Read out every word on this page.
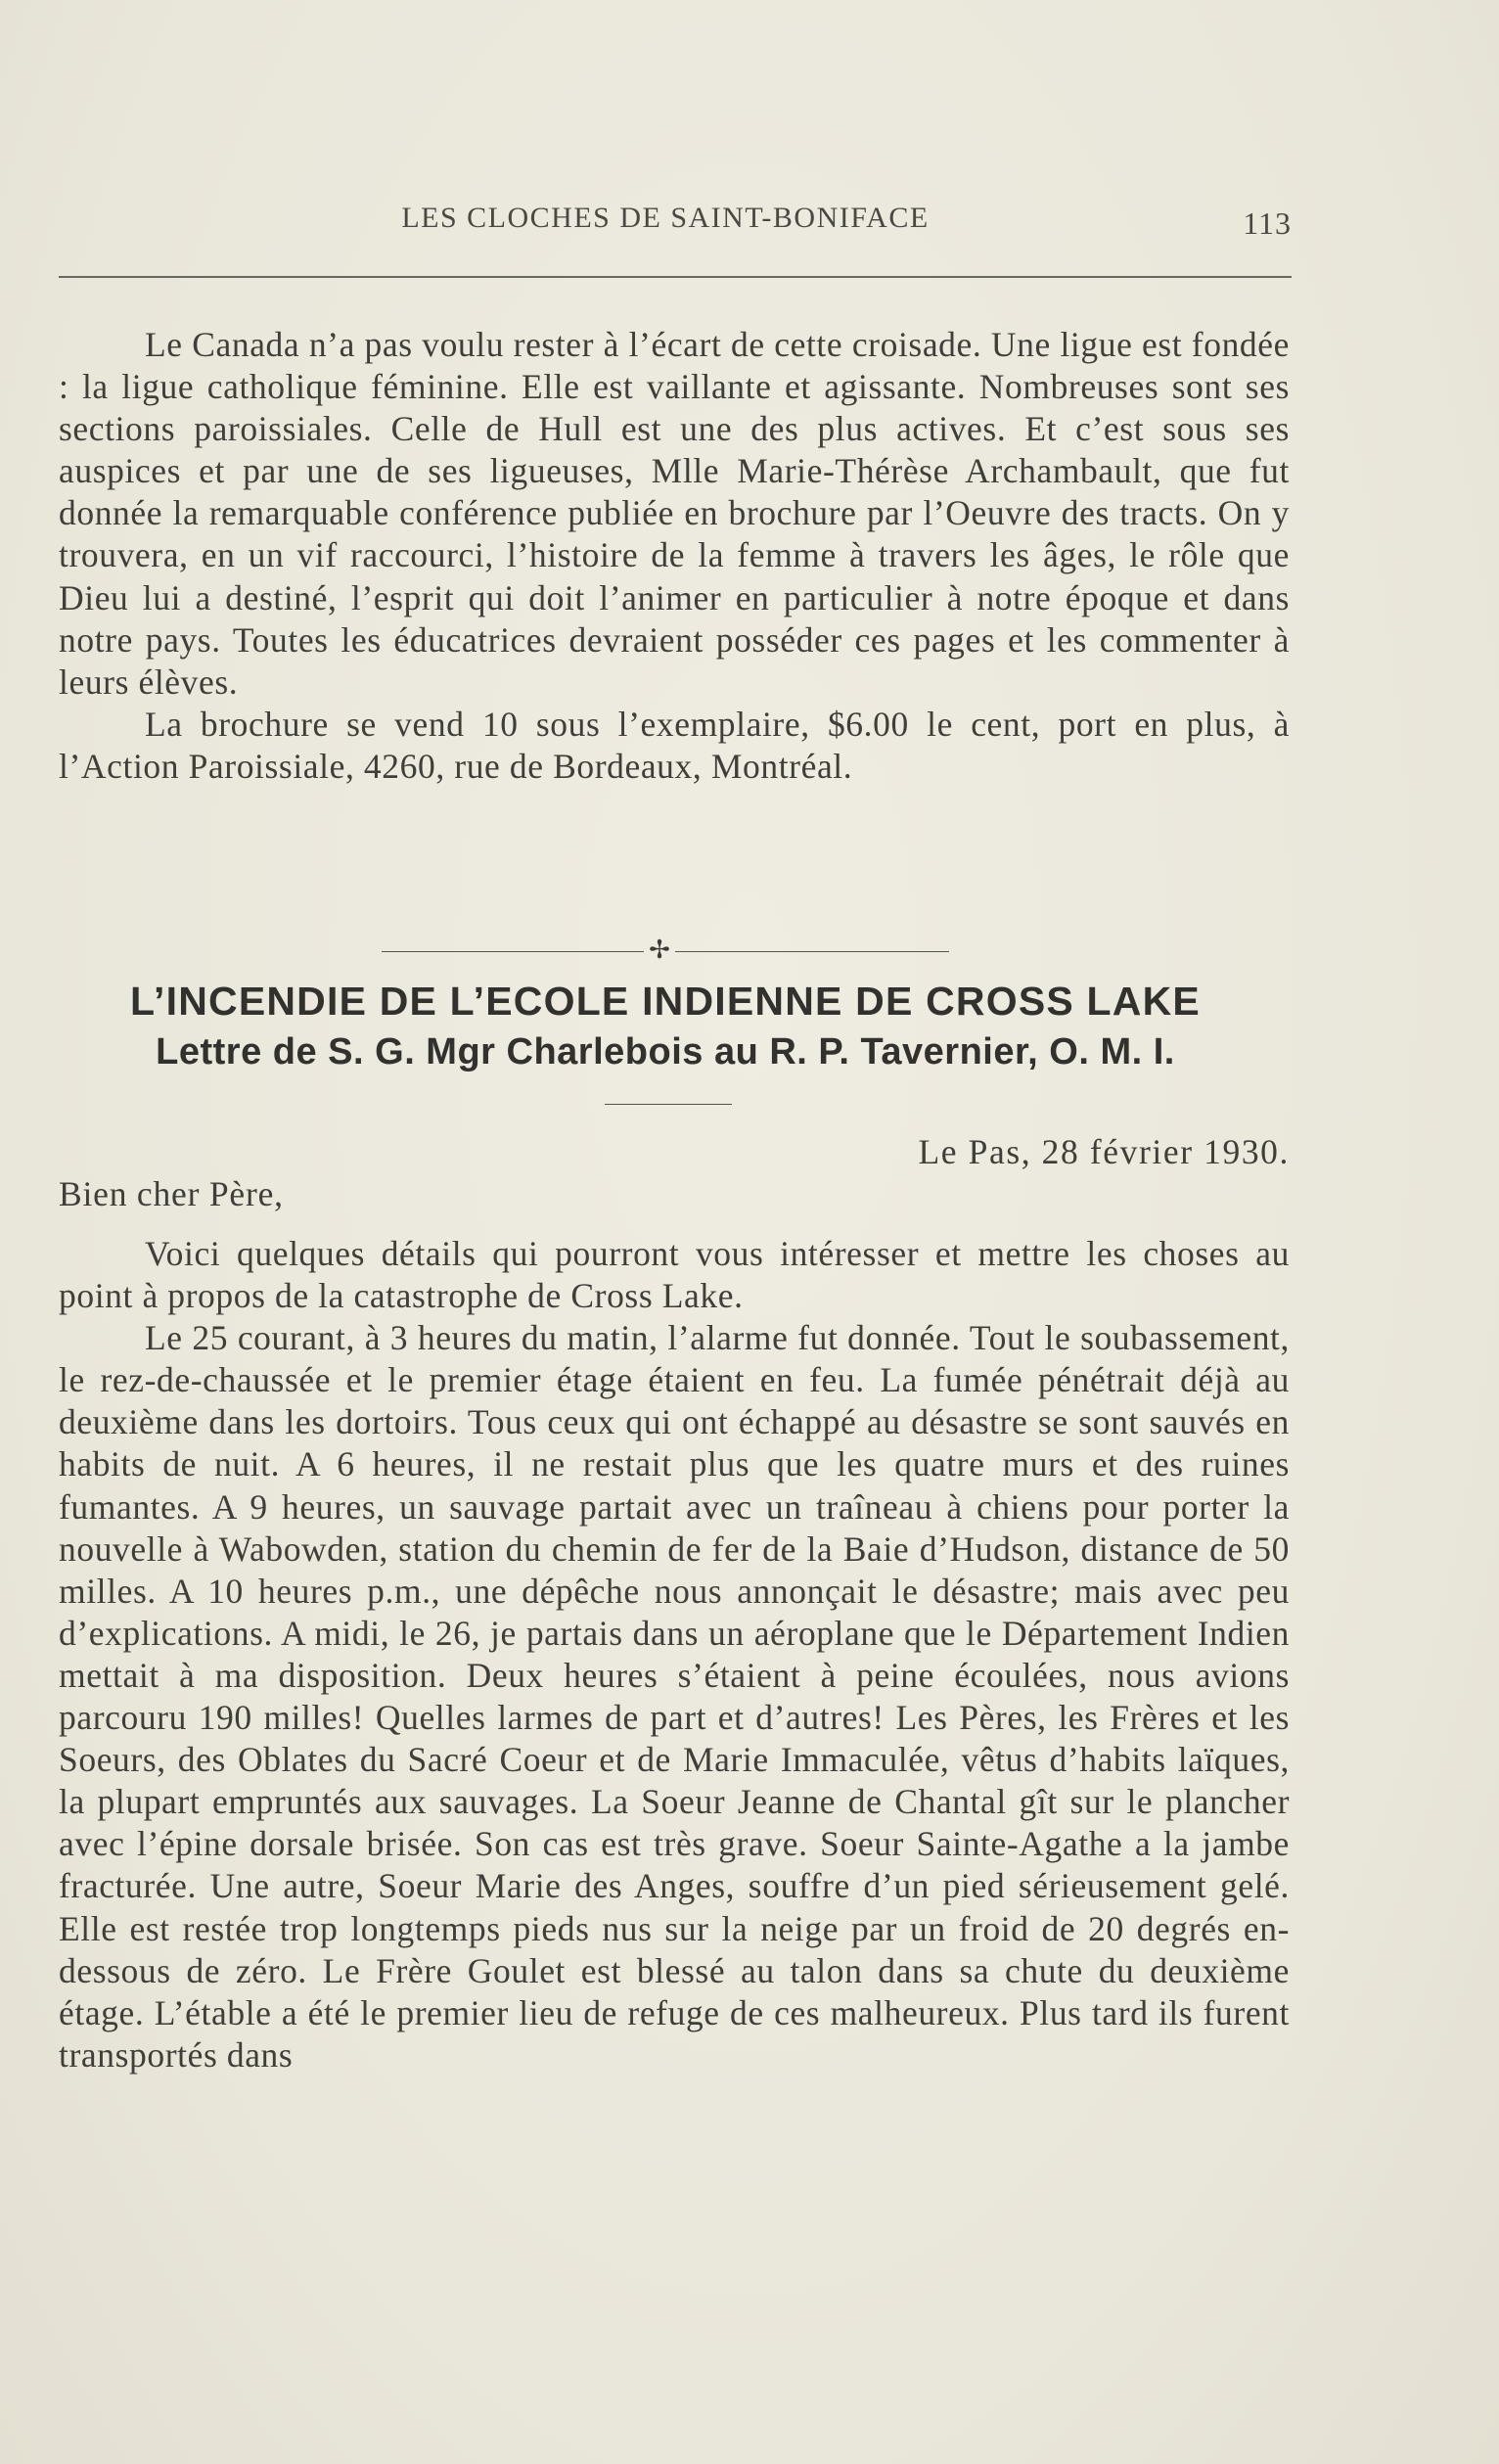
LES CLOCHES DE SAINT-BONIFACE	113

Le Canada n’a pas voulu rester à l’écart de cette croisade. Une ligue est fondée : la ligue catholique féminine. Elle est vaillante et agissante. Nombreuses sont ses sections paroissiales. Celle de Hull est une des plus actives. Et c’est sous ses auspices et par une de ses ligueuses, Mlle Marie-Thérèse Archambault, que fut donnée la remarquable conférence publiée en brochure par l’Oeuvre des tracts. On y trouvera, en un vif raccourci, l’histoire de la femme à travers les âges, le rôle que Dieu lui a destiné, l’esprit qui doit l’animer en particulier à notre époque et dans notre pays. Toutes les éducatrices devraient posséder ces pages et les commenter à leurs élèves.

La brochure se vend 10 sous l’exemplaire, $6.00 le cent, port en plus, à l’Action Paroissiale, 4260, rue de Bordeaux, Montréal.

✢
L’INCENDIE DE L’ECOLE INDIENNE DE CROSS LAKE
Lettre de S. G. Mgr Charlebois au R. P. Tavernier, O. M. I.
Le Pas, 28 février 1930.
Bien cher Père,

Voici quelques détails qui pourront vous intéresser et mettre les choses au point à propos de la catastrophe de Cross Lake.

Le 25 courant, à 3 heures du matin, l’alarme fut donnée. Tout le soubassement, le rez-de-chaussée et le premier étage étaient en feu. La fumée pénétrait déjà au deuxième dans les dortoirs. Tous ceux qui ont échappé au désastre se sont sauvés en habits de nuit. A 6 heures, il ne restait plus que les quatre murs et des ruines fumantes. A 9 heures, un sauvage partait avec un traîneau à chiens pour porter la nouvelle à Wabowden, station du chemin de fer de la Baie d’Hudson, distance de 50 milles. A 10 heures p.m., une dépêche nous annonçait le désastre; mais avec peu d’explications. A midi, le 26, je partais dans un aéroplane que le Département Indien mettait à ma disposition. Deux heures s’étaient à peine écoulées, nous avions parcouru 190 milles! Quelles larmes de part et d’autres! Les Pères, les Frères et les Soeurs, des Oblates du Sacré Coeur et de Marie Immaculée, vêtus d’habits laïques, la plupart empruntés aux sauvages. La Soeur Jeanne de Chantal gît sur le plancher avec l’épine dorsale brisée. Son cas est très grave. Soeur Sainte-Agathe a la jambe fracturée. Une autre, Soeur Marie des Anges, souffre d’un pied sérieusement gelé. Elle est restée trop longtemps pieds nus sur la neige par un froid de 20 degrés en-dessous de zéro. Le Frère Goulet est blessé au talon dans sa chute du deuxième étage. L’étable a été le premier lieu de refuge de ces malheureux. Plus tard ils furent transportés dans
